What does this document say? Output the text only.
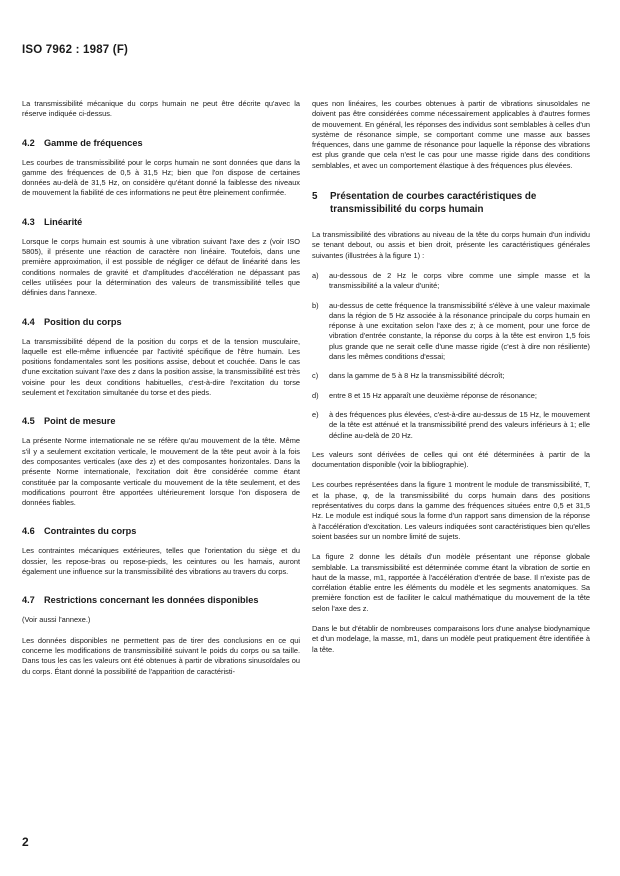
ISO 7962 : 1987 (F)

La transmissibilité mécanique du corps humain ne peut être décrite qu'avec la réserve indiquée ci-dessus.

4.2	Gamme de fréquences

Les courbes de transmissibilité pour le corps humain ne sont données que dans la gamme des fréquences de 0,5 à 31,5 Hz; bien que l'on dispose de certaines données au-delà de 31,5 Hz, on considère qu'étant donné la faiblesse des niveaux de mouvement la fiabilité de ces informations ne peut être pleinement confirmée.

4.3	Linéarité

Lorsque le corps humain est soumis à une vibration suivant l'axe des z (voir ISO 5805), il présente une réaction de caractère non linéaire. Toutefois, dans une première approximation, il est possible de négliger ce défaut de linéarité dans les conditions normales de gravité et d'amplitudes d'accélération ne dépassant pas celles utilisées pour la détermination des valeurs de transmissibilité telles que définies dans l'annexe.

4.4	Position du corps

La transmissibilité dépend de la position du corps et de la tension musculaire, laquelle est elle-même influencée par l'activité spécifique de l'être humain. Les positions fondamentales sont les positions assise, debout et couchée. Dans le cas d'une excitation suivant l'axe des z dans la position assise, la transmissibilité est très voisine pour les deux conditions habituelles, c'est-à-dire l'excitation du torse seulement et l'excitation simultanée du torse et des pieds.

4.5	Point de mesure

La présente Norme internationale ne se réfère qu'au mouvement de la tête. Même s'il y a seulement excitation verticale, le mouvement de la tête peut avoir à la fois des composantes verticales (axe des z) et des composantes horizontales. Dans la présente Norme internationale, l'excitation doit être considérée comme étant constituée par la composante verticale du mouvement de la tête seulement, et des modifications pourront être apportées ultérieurement lorsque l'on disposera de données fiables.

4.6	Contraintes du corps

Les contraintes mécaniques extérieures, telles que l'orientation du siège et du dossier, les repose-bras ou repose-pieds, les ceintures ou les harnais, auront également une influence sur la transmissibilité des vibrations au travers du corps.

4.7	Restrictions concernant les données disponibles

(Voir aussi l'annexe.)

Les données disponibles ne permettent pas de tirer des conclusions en ce qui concerne les modifications de transmissibilité suivant le poids du corps ou sa taille. Dans tous les cas les valeurs ont été obtenues à partir de vibrations sinusoïdales ou du corps. Étant donné la possibilité de l'apparition de caractéristi-

ques non linéaires, les courbes obtenues à partir de vibrations sinusoïdales ne doivent pas être considérées comme nécessairement applicables à d'autres formes de mouvement. En général, les réponses des individus sont semblables à celles d'un système de résonance simple, se comportant comme une masse aux basses fréquences, dans une gamme de résonance pour laquelle la réponse des vibrations est plus grande que cela n'est le cas pour une masse rigide dans des conditions semblables, et avec un comportement élastique à des fréquences plus élevées.

5	Présentation de courbes caractéristiques de transmissibilité du corps humain

La transmissibilité des vibrations au niveau de la tête du corps humain d'un individu se tenant debout, ou assis et bien droit, présente les caractéristiques générales suivantes (illustrées à la figure 1) :

a)	au-dessous de 2 Hz le corps vibre comme une simple masse et la transmissibilité a la valeur d'unité;
b)	au-dessus de cette fréquence la transmissibilité s'élève à une valeur maximale dans la région de 5 Hz associée à la résonance principale du corps humain en réponse à une excitation selon l'axe des z; à ce moment, pour une force de vibration d'entrée constante, la réponse du corps à la tête est environ 1,5 fois plus grande que ne serait celle d'une masse rigide (c'est à dire non résiliente) dans les mêmes conditions d'essai;
c)	dans la gamme de 5 à 8 Hz la transmissibilité décroît;
d)	entre 8 et 15 Hz apparaît une deuxième réponse de résonance;
e)	à des fréquences plus élevées, c'est-à-dire au-dessus de 15 Hz, le mouvement de la tête est atténué et la transmissibilité prend des valeurs inférieurs à 1; elle décline au-delà de 20 Hz.

Les valeurs sont dérivées de celles qui ont été déterminées à partir de la documentation disponible (voir la bibliographie).

Les courbes représentées dans la figure 1 montrent le module de transmissibilité, T, et la phase, φ, de la transmissibilité du corps humain dans des positions représentatives du corps dans la gamme des fréquences situées entre 0,5 et 31,5 Hz. Le module est indiqué sous la forme d'un rapport sans dimension de la réponse à l'accélération d'excitation. Les valeurs indiquées sont caractéristiques bien qu'elles soient basées sur un nombre limité de sujets.

La figure 2 donne les détails d'un modèle présentant une réponse globale semblable. La transmissibilité est déterminée comme étant la vibration de sortie en haut de la masse, m1, rapportée à l'accélération d'entrée de base. Il n'existe pas de corrélation établie entre les éléments du modèle et les segments anatomiques. Sa première fonction est de faciliter le calcul mathématique du mouvement de la tête selon l'axe des z.

Dans le but d'établir de nombreuses comparaisons lors d'une analyse biodynamique et d'un modelage, la masse, m1, dans un modèle peut pratiquement être identifiée à la tête.

2
